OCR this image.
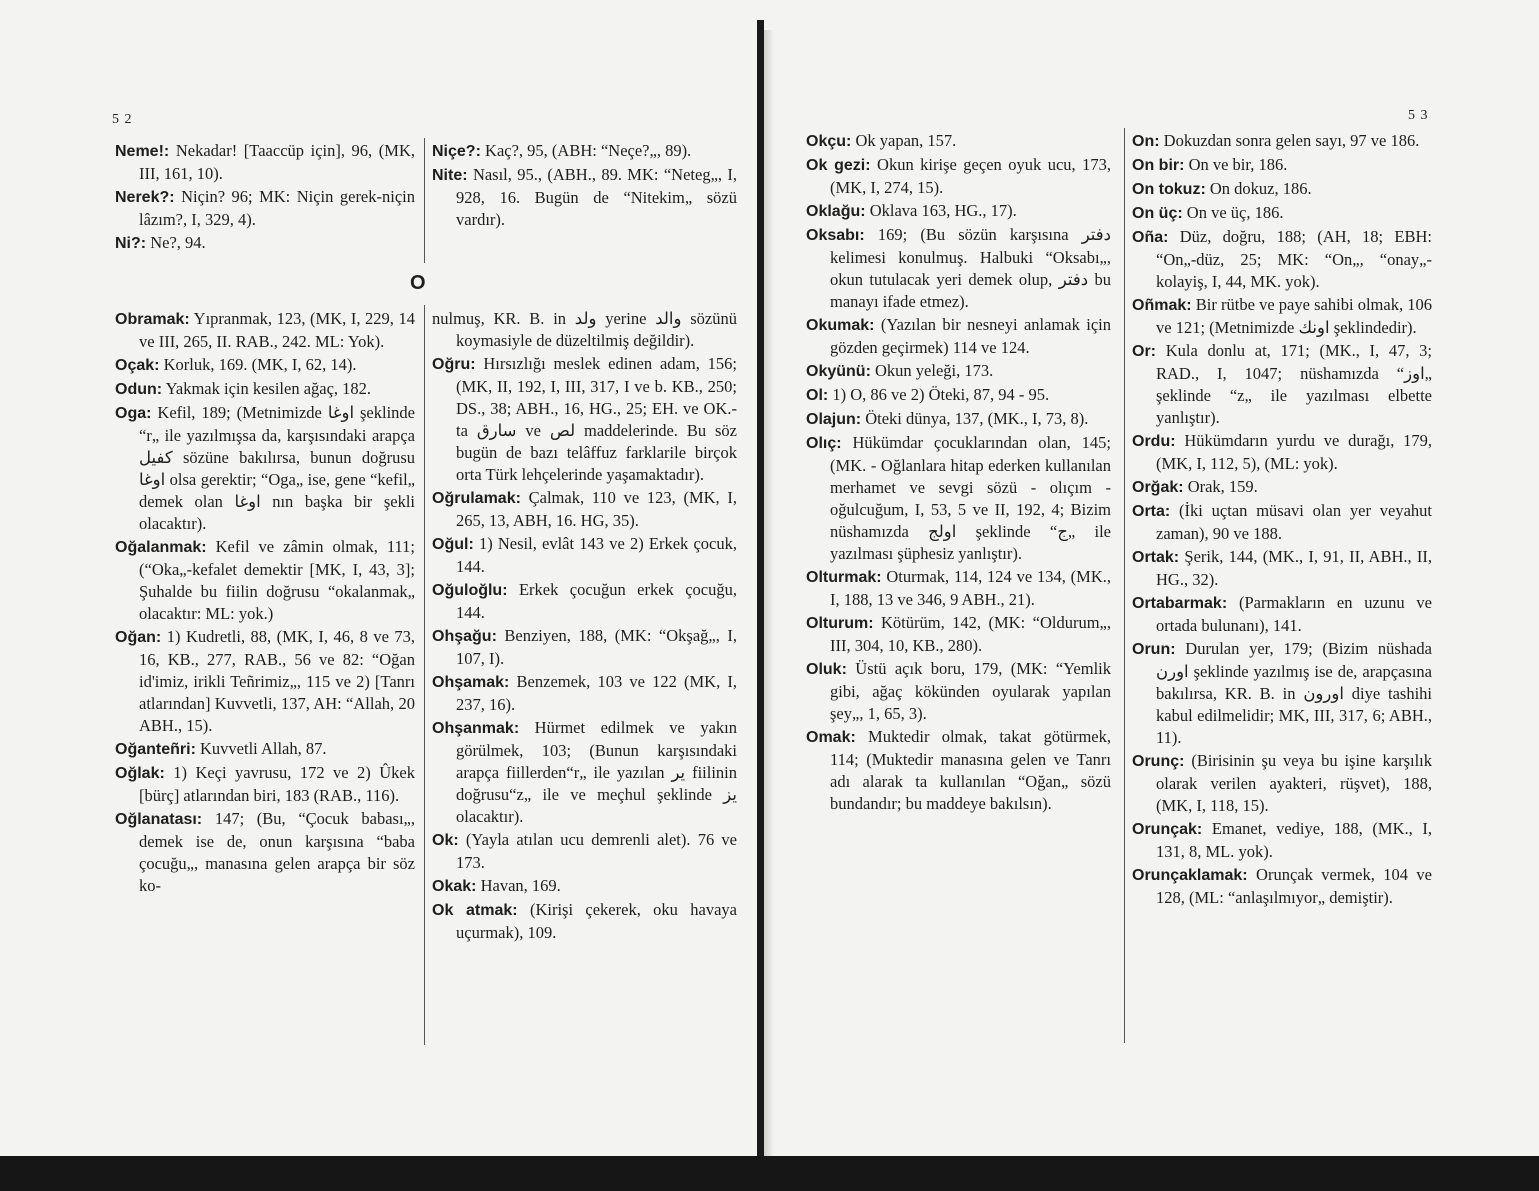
5 2	5 3
Neme!: Nekadar! [Taaccüp için], 96, (MK, III, 161, 10).
Nerek?: Niçin? 96; MK: Niçin gerek-niçin lâzım?, I, 329, 4).
Ni?: Ne?, 94.
Niçe?: Kaç?, 95, (ABH: “Neçe?„, 89).
Nite: Nasıl, 95., (ABH., 89. MK: “Neteg„, I, 928, 16. Bugün de “Nitekim„ sözü vardır).
O
Obramak: Yıpranmak, 123, (MK, I, 229, 14 ve III, 265, II. RAB., 242. ML: Yok).
Oçak: Korluk, 169. (MK, I, 62, 14).
Odun: Yakmak için kesilen ağaç, 182.
Oga: Kefil, 189; (Metnimizde اوغا şeklinde “r„ ile yazılmışsa da, karşısındaki arapça كفيل sözüne bakılırsa, bunun doğrusu اوغا olsa gerektir; “Oga„ ise, gene “kefil„ demek olan اوغا nın başka bir şekli olacaktır).
Oğalanmak: Kefil ve zâmin olmak, 111; (“Oka„-kefalet demektir [MK, I, 43, 3]; Şuhalde bu fiilin doğrusu “okalanmak„ olacaktır: ML: yok.)
Oğan: 1) Kudretli, 88, (MK, I, 46, 8 ve 73, 16, KB., 277, RAB., 56 ve 82: “Oğan id'imiz, irikli Teñrimiz„, 115 ve 2) [Tanrı atlarından] Kuvvetli, 137, AH: “Allah, 20 ABH., 15).
Oğanteñri: Kuvvetli Allah, 87.
Oğlak: 1) Keçi yavrusu, 172 ve 2) Ûkek [bürç] atlarından biri, 183 (RAB., 116).
Oğlanatası: 147; (Bu, “Çocuk babası„, demek ise de, onun karşısına “baba çocuğu„, manasına gelen arapça bir söz ko-
nulmuş, KR. B. in ولد yerine والد sözünü koymasiyle de düzeltilmiş değildir).
Oğru: Hırsızlığı meslek edinen adam, 156; (MK, II, 192, I, III, 317, I ve b. KB., 250; DS., 38; ABH., 16, HG., 25; EH. ve OK.-ta سارق ve لص maddelerinde. Bu söz bugün de bazı telâffuz farklarile birçok orta Türk lehçelerinde yaşamaktadır).
Oğrulamak: Çalmak, 110 ve 123, (MK, I, 265, 13, ABH, 16. HG, 35).
Oğul: 1) Nesil, evlât 143 ve 2) Erkek çocuk, 144.
Oğuloğlu: Erkek çocuğun erkek çocuğu, 144.
Ohşağu: Benziyen, 188, (MK: “Okşağ„, I, 107, I).
Ohşamak: Benzemek, 103 ve 122 (MK, I, 237, 16).
Ohşanmak: Hürmet edilmek ve yakın görülmek, 103; (Bunun karşısındaki arapça fiillerden“r„ ile yazılan ير fiilinin doğrusu“z„ ile ve meçhul şeklinde يز olacaktır).
Ok: (Yayla atılan ucu demrenli alet). 76 ve 173.
Okak: Havan, 169.
Ok atmak: (Kirişi çekerek, oku havaya uçurmak), 109.
Okçu: Ok yapan, 157.
Ok gezi: Okun kirişe geçen oyuk ucu, 173, (MK, I, 274, 15).
Oklağu: Oklava 163, HG., 17).
Oksabı: 169; (Bu sözün karşısına دفتر kelimesi konulmuş. Halbuki “Oksabı„, okun tutulacak yeri demek olup, دفتر bu manayı ifade etmez).
Okumak: (Yazılan bir nesneyi anlamak için gözden geçirmek) 114 ve 124.
Okyünü: Okun yeleği, 173.
Ol: 1) O, 86 ve 2) Öteki, 87, 94 - 95.
Olajun: Öteki dünya, 137, (MK., I, 73, 8).
Olıç: Hükümdar çocuklarından olan, 145; (MK. - Oğlanlara hitap ederken kullanılan merhamet ve sevgi sözü - olıçım - oğulcuğum, I, 53, 5 ve II, 192, 4; Bizim nüshamızda اولج şeklinde “ج„ ile yazılması şüphesiz yanlıştır).
Olturmak: Oturmak, 114, 124 ve 134, (MK., I, 188, 13 ve 346, 9 ABH., 21).
Olturum: Kötürüm, 142, (MK: “Oldurum„, III, 304, 10, KB., 280).
Oluk: Üstü açık boru, 179, (MK: “Yemlik gibi, ağaç kökünden oyularak yapılan şey„, 1, 65, 3).
Omak: Muktedir olmak, takat götürmek, 114; (Muktedir manasına gelen ve Tanrı adı alarak ta kullanılan “Oğan„ sözü bundandır; bu maddeye bakılsın).
On: Dokuzdan sonra gelen sayı, 97 ve 186.
On bir: On ve bir, 186.
On tokuz: On dokuz, 186.
On üç: On ve üç, 186.
Oña: Düz, doğru, 188; (AH, 18; EBH: “On„-düz, 25; MK: “On„, “onay„-kolayiş, I, 44, MK. yok).
Oñmak: Bir rütbe ve paye sahibi olmak, 106 ve 121; (Metnimizde اونك şeklindedir).
Or: Kula donlu at, 171; (MK., I, 47, 3; RAD., I, 1047; nüshamızda “اوز„ şeklinde “z„ ile yazılması elbette yanlıştır).
Ordu: Hükümdarın yurdu ve durağı, 179, (MK, I, 112, 5), (ML: yok).
Orğak: Orak, 159.
Orta: (İki uçtan müsavi olan yer veyahut zaman), 90 ve 188.
Ortak: Şerik, 144, (MK., I, 91, II, ABH., II, HG., 32).
Ortabarmak: (Parmakların en uzunu ve ortada bulunanı), 141.
Orun: Durulan yer, 179; (Bizim nüshada اورن şeklinde yazılmış ise de, arapçasına bakılırsa, KR. B. in اورون diye tashihi kabul edilmelidir; MK, III, 317, 6; ABH., 11).
Orunç: (Birisinin şu veya bu işine karşılık olarak verilen ayakteri, rüşvet), 188, (MK, I, 118, 15).
Orunçak: Emanet, vediye, 188, (MK., I, 131, 8, ML. yok).
Orunçaklamak: Orunçak vermek, 104 ve 128, (ML: “anlaşılmıyor„ demiştir).
